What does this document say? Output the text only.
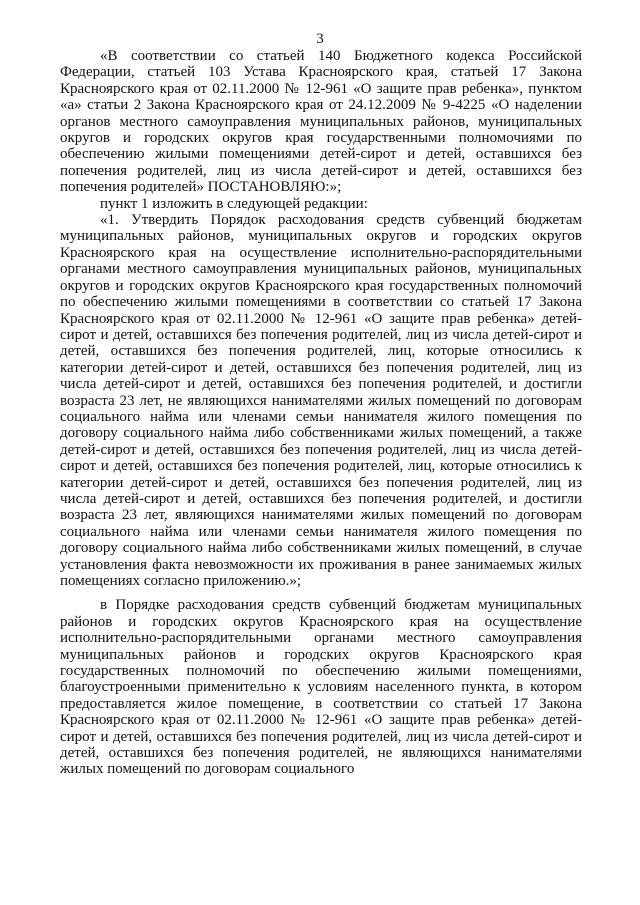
3

«В соответствии со статьей 140 Бюджетного кодекса Российской Федерации, статьей 103 Устава Красноярского края, статьей 17 Закона Красноярского края от 02.11.2000 № 12-961 «О защите прав ребенка», пунктом «а» статьи 2 Закона Красноярского края от 24.12.2009 № 9-4225 «О наделении органов местного самоуправления муниципальных районов, муниципальных округов и городских округов края государственными полномочиями по обеспечению жилыми помещениями детей-сирот и детей, оставшихся без попечения родителей, лиц из числа детей-сирот и детей, оставшихся без попечения родителей» ПОСТАНОВЛЯЮ:»;

пункт 1 изложить в следующей редакции:

«1. Утвердить Порядок расходования средств субвенций бюджетам муниципальных районов, муниципальных округов и городских округов Красноярского края на осуществление исполнительно-распорядительными органами местного самоуправления муниципальных районов, муниципальных округов и городских округов Красноярского края государственных полномочий по обеспечению жилыми помещениями в соответствии со статьей 17 Закона Красноярского края от 02.11.2000 № 12-961 «О защите прав ребенка» детей-сирот и детей, оставшихся без попечения родителей, лиц из числа детей-сирот и детей, оставшихся без попечения родителей, лиц, которые относились к категории детей-сирот и детей, оставшихся без попечения родителей, лиц из числа детей-сирот и детей, оставшихся без попечения родителей, и достигли возраста 23 лет, не являющихся нанимателями жилых помещений по договорам социального найма или членами семьи нанимателя жилого помещения по договору социального найма либо собственниками жилых помещений, а также детей-сирот и детей, оставшихся без попечения родителей, лиц из числа детей-сирот и детей, оставшихся без попечения родителей, лиц, которые относились к категории детей-сирот и детей, оставшихся без попечения родителей, лиц из числа детей-сирот и детей, оставшихся без попечения родителей, и достигли возраста 23 лет, являющихся нанимателями жилых помещений по договорам социального найма или членами семьи нанимателя жилого помещения по договору социального найма либо собственниками жилых помещений, в случае установления факта невозможности их проживания в ранее занимаемых жилых помещениях согласно приложению.»;

в Порядке расходования средств субвенций бюджетам муниципальных районов и городских округов Красноярского края на осуществление исполнительно-распорядительными органами местного самоуправления муниципальных районов и городских округов Красноярского края государственных полномочий по обеспечению жилыми помещениями, благоустроенными применительно к условиям населенного пункта, в котором предоставляется жилое помещение, в соответствии со статьей 17 Закона Красноярского края от 02.11.2000 № 12-961 «О защите прав ребенка» детей-сирот и детей, оставшихся без попечения родителей, лиц из числа детей-сирот и детей, оставшихся без попечения родителей, не являющихся нанимателями жилых помещений по договорам социального
